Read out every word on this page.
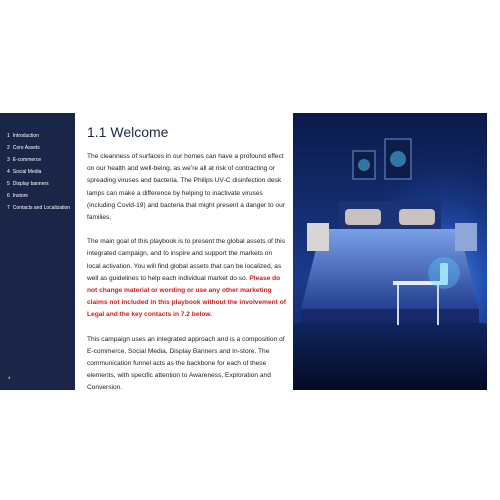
1 Introduction
2 Core Assets
3 E-commerce
4 Social Media
5 Display banners
6 Instore
7 Contacts and Localization
4
1.1 Welcome

The cleanness of surfaces in our homes can have a profound effect on our health and well-being, as we’re all at risk of contracting or spreading viruses and bacteria. The Philips UV-C disinfection desk lamps can make a difference by helping to inactivate viruses (including Covid-19) and bacteria that might present a danger to our families.

The main goal of this playbook is to present the global assets of this integrated campaign, and to inspire and support the markets on local activation. You will find global assets that can be localized, as well as guidelines to help each individual market do so. Please do not change material or wording or use any other marketing claims not included in this playbook without the involvement of Legal and the key contacts in 7.2 below.

This campaign uses an integrated approach and is a composition of E-commerce, Social Media, Display Banners and In-store. The communication funnel acts as the backbone for each of these elements, with specific attention to Awareness, Exploration and Conversion.
